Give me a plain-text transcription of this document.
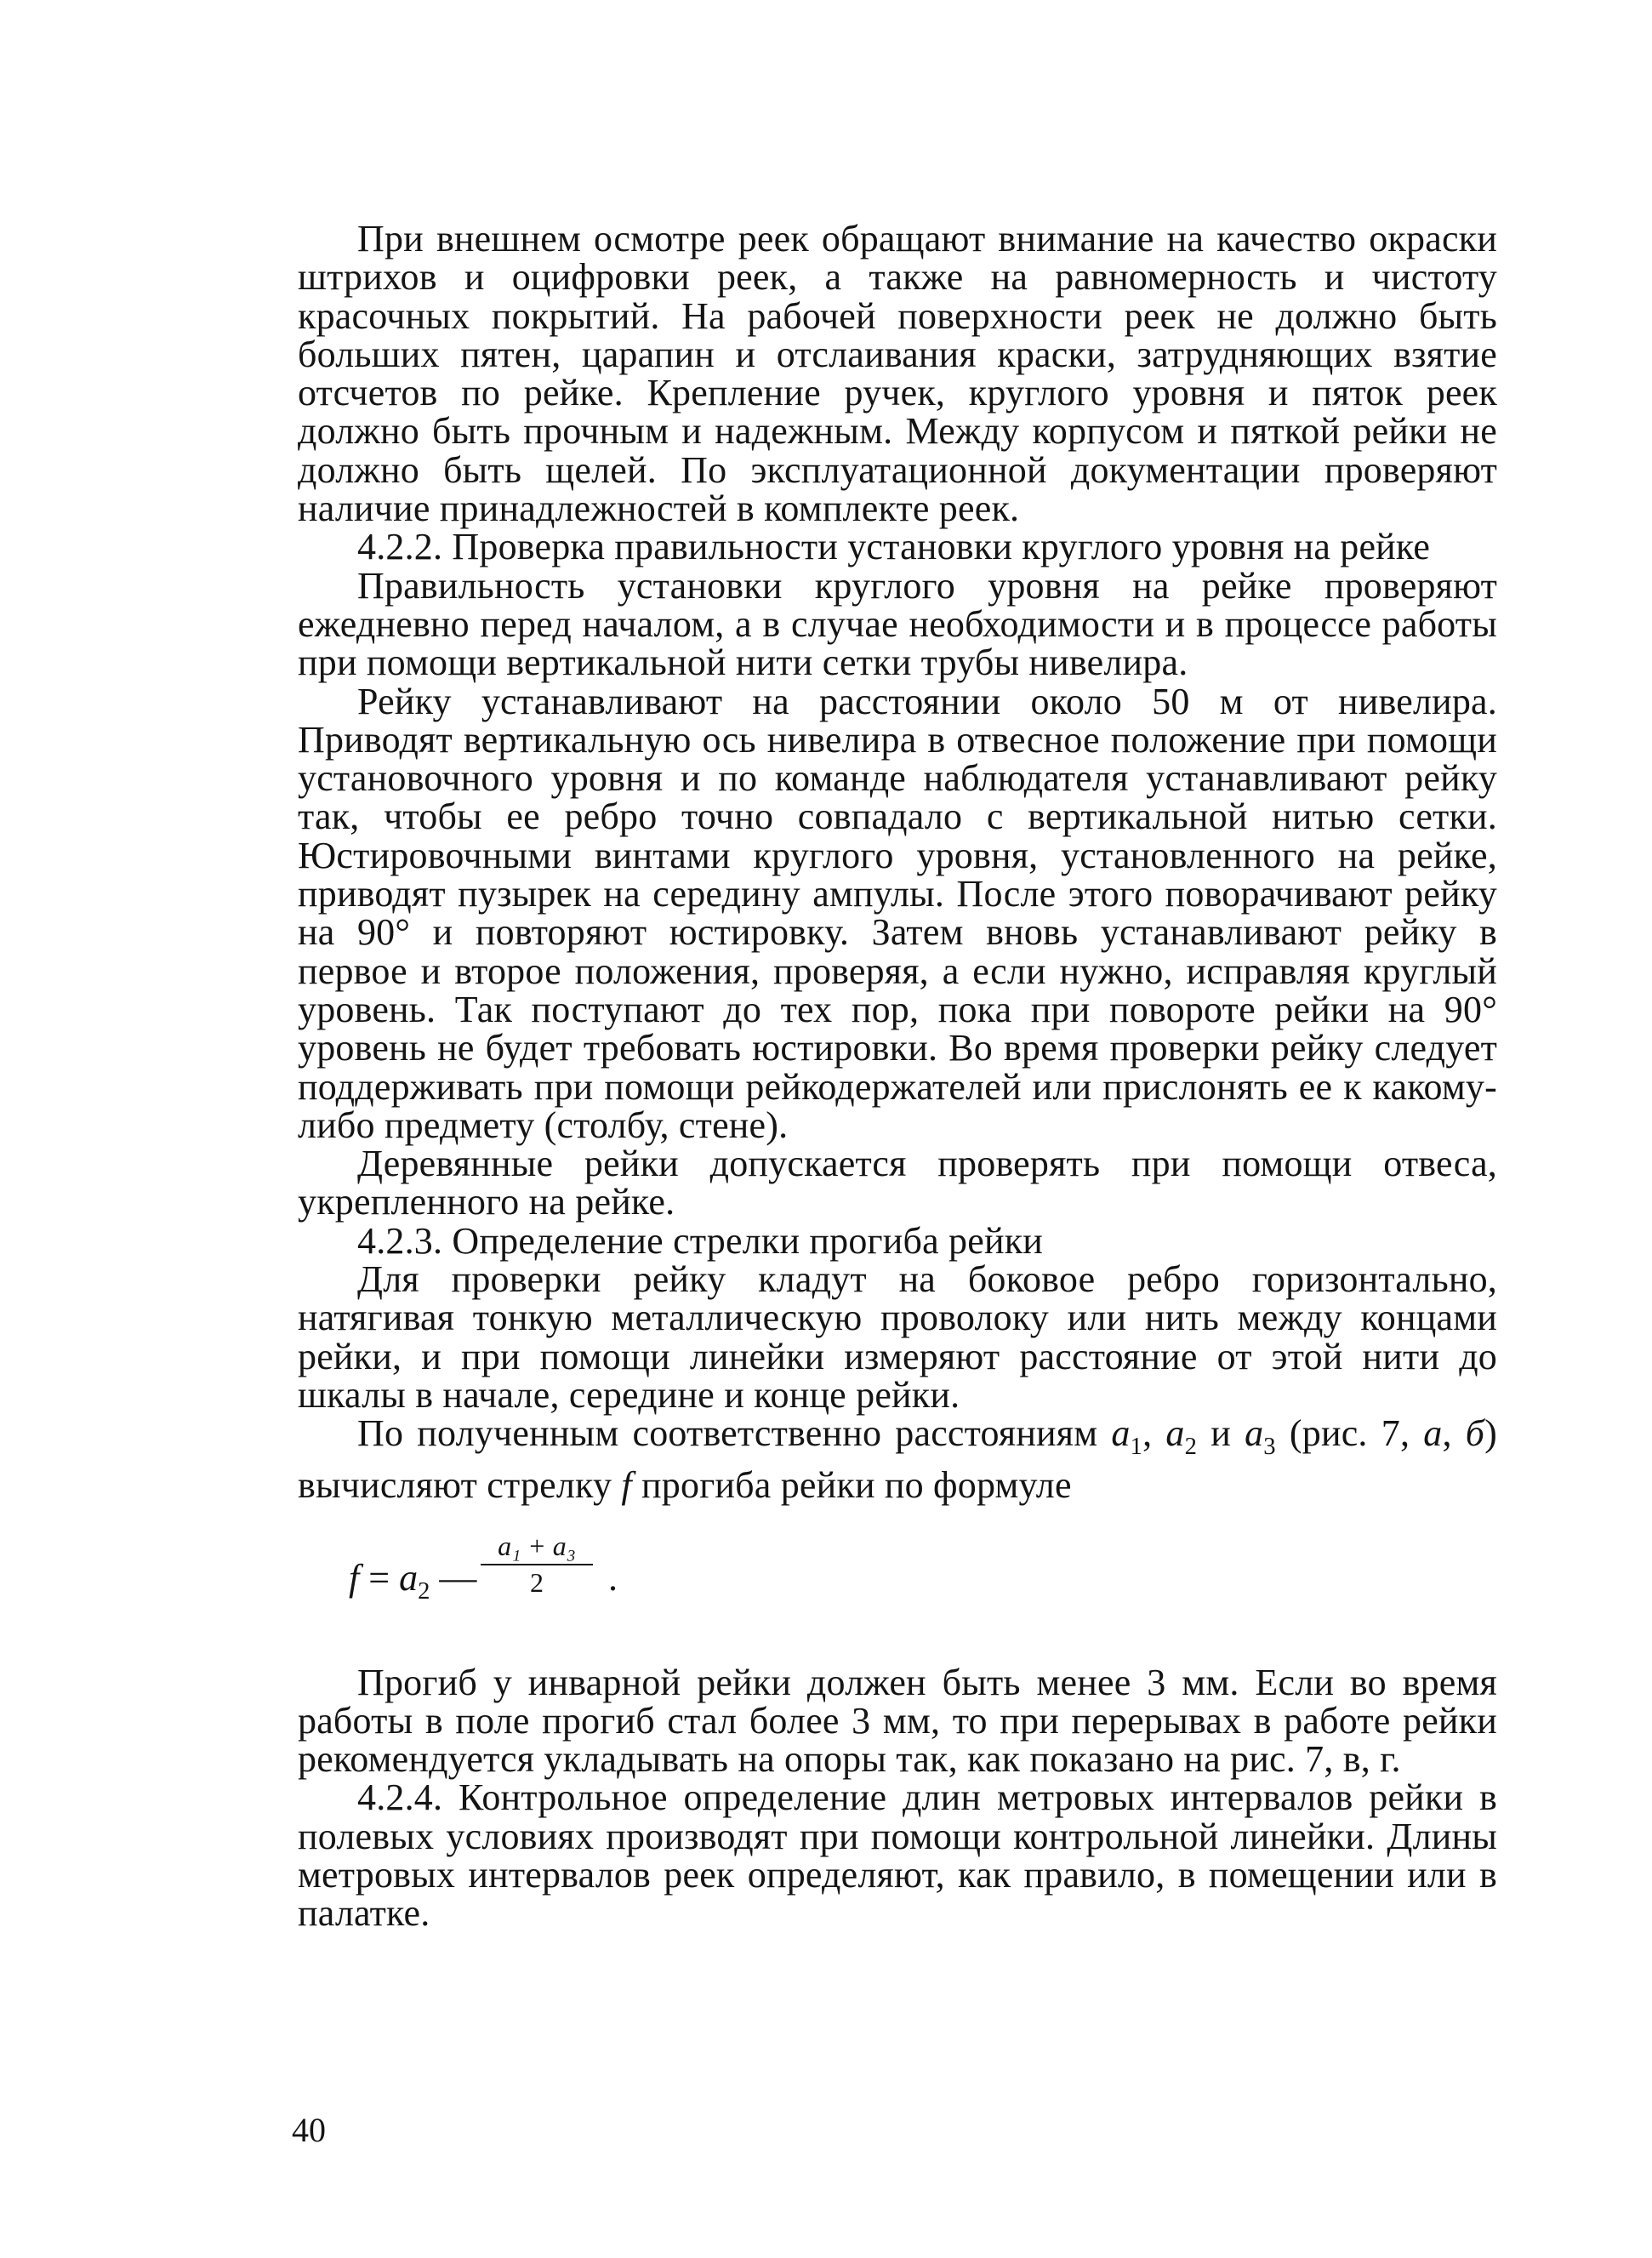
При внешнем осмотре реек обращают внимание на качество окраски штрихов и оцифровки реек, а также на равномерность и чистоту красочных покрытий. На рабочей поверхности реек не должно быть больших пятен, царапин и отслаивания краски, затрудняющих взятие отсчетов по рейке. Крепление ручек, круглого уровня и пяток реек должно быть прочным и надежным. Между корпусом и пяткой рейки не должно быть щелей. По эксплуатационной документации проверяют наличие принадлежностей в комплекте реек.

4.2.2. Проверка правильности установки круглого уровня на рейке

Правильность установки круглого уровня на рейке проверяют ежедневно перед началом, а в случае необходимости и в процессе работы при помощи вертикальной нити сетки трубы нивелира.

Рейку устанавливают на расстоянии около 50 м от нивелира. Приводят вертикальную ось нивелира в отвесное положение при помощи установочного уровня и по команде наблюдателя устанавливают рейку так, чтобы ее ребро точно совпадало с вертикальной нитью сетки. Юстировочными винтами круглого уровня, установленного на рейке, приводят пузырек на середину ампулы. После этого поворачивают рейку на 90° и повторяют юстировку. Затем вновь устанавливают рейку в первое и второе положения, проверяя, а если нужно, исправляя круглый уровень. Так поступают до тех пор, пока при повороте рейки на 90° уровень не будет требовать юстировки. Во время проверки рейку следует поддерживать при помощи рейкодержателей или прислонять ее к какому-либо предмету (столбу, стене).

Деревянные рейки допускается проверять при помощи отвеса, укрепленного на рейке.

4.2.3. Определение стрелки прогиба рейки

Для проверки рейку кладут на боковое ребро горизонтально, натягивая тонкую металлическую проволоку или нить между концами рейки, и при помощи линейки измеряют расстояние от этой нити до шкалы в начале, середине и конце рейки.

По полученным соответственно расстояниям $a_1$, $a_2$ и $a_3$ (рис. 7, а, б) вычисляют стрелку f прогиба рейки по формуле

$f = a_2$ — $\frac{\text{a₁ + a₃}}{2}$ .

Прогиб у инварной рейки должен быть менее 3 мм. Если во время работы в поле прогиб стал более 3 мм, то при перерывах в работе рейки рекомендуется укладывать на опоры так, как показано на рис. 7, в, г.

4.2.4. Контрольное определение длин метровых интервалов рейки в полевых условиях производят при помощи контрольной линейки. Длины метровых интервалов реек определяют, как правило, в помещении или в палатке.

40
